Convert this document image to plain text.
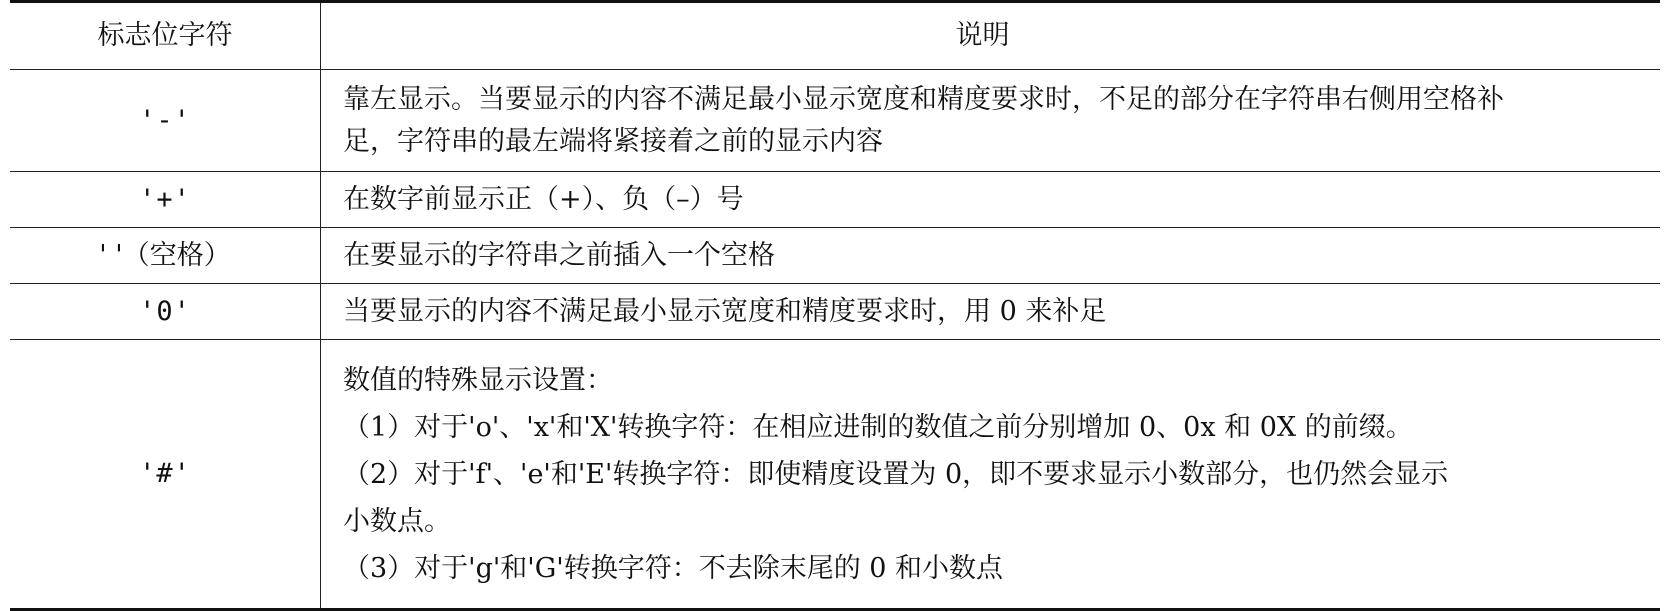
标志位字符	说明
'-'	靠左显示。当要显示的内容不满足最小显示宽度和精度要求时，不足的部分在字符串右侧用空格补
足，字符串的最左端将紧接着之前的显示内容

'+'	在数字前显示正（+）、负（–）号

' '（空格）	在要显示的字符串之前插入一个空格

'0'	当要显示的内容不满足最小显示宽度和精度要求时，用 0 来补足

'#'	数值的特殊显示设置：
（1）对于'o'、'x'和'X'转换字符：在相应进制的数值之前分别增加 0、0x 和 0X 的前缀。
（2）对于'f'、'e'和'E'转换字符：即使精度设置为 0，即不要求显示小数部分，也仍然会显示
小数点。
（3）对于'g'和'G'转换字符：不去除末尾的 0 和小数点
